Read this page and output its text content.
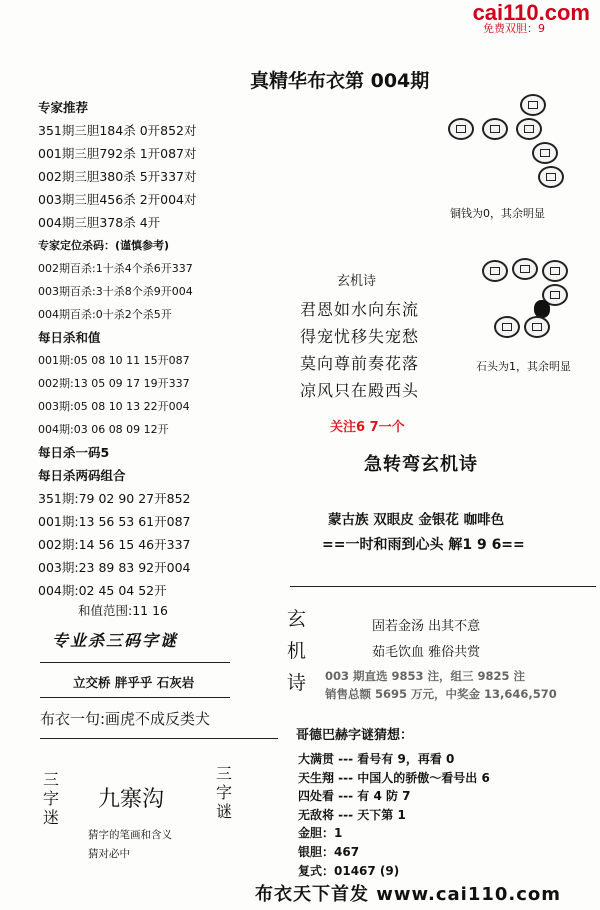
cai110.com
免费双胆：9
真精华布衣第 004期
专家推荐
351期三胆184杀 0开852对
001期三胆792杀 1开087对
002期三胆380杀 5开337对
003期三胆456杀 2开004对
004期三胆378杀 4开
专家定位杀码：(谨慎参考)
002期百杀:1十杀4个杀6开337
003期百杀:3十杀8个杀9开004
004期百杀:0十杀2个杀5开
每日杀和值
001期:05 08 10 11 15开087
002期:13 05 09 17 19开337
003期:05 08 10 13 22开004
004期:03 06 08 09 12开
每日杀一码5
每日杀两码组合
351期:79 02 90 27开852
001期:13 56 53 61开087
002期:14 56 15 46开337
003期:23 89 83 92开004
004期:02 45 04 52开
和值范围:11 16
铜钱为0，其余明显
石头为1，其余明显
玄机诗
君恩如水向东流
得宠忧移失宠愁
莫向尊前奏花落
凉风只在殿西头
关注6 7一个
急转弯玄机诗
蒙古族 双眼皮 金银花 咖啡色
==一时和雨到心头 解1 9 6==
玄
机
诗
固若金汤 出其不意
茹毛饮血 雅俗共赏
003 期直选 9853 注，组三 9825 注
销售总额 5695 万元，中奖金 13,646,570
哥德巴赫字谜猜想：
大满贯 --- 看号有 9，再看 0
天生翔 --- 中国人的骄傲～看号出 6
四处看 --- 有 4 防 7
无敌将 --- 天下第 1
金胆：1
银胆：467
复式：01467 (9)
专业杀三码字谜
立交桥 胖乎乎 石灰岩
布衣一句:画虎不成反类犬
三
字
迷
三
字
谜
九寨沟
猜字的笔画和含义
猜对必中
布衣天下首发 www.cai110.com
